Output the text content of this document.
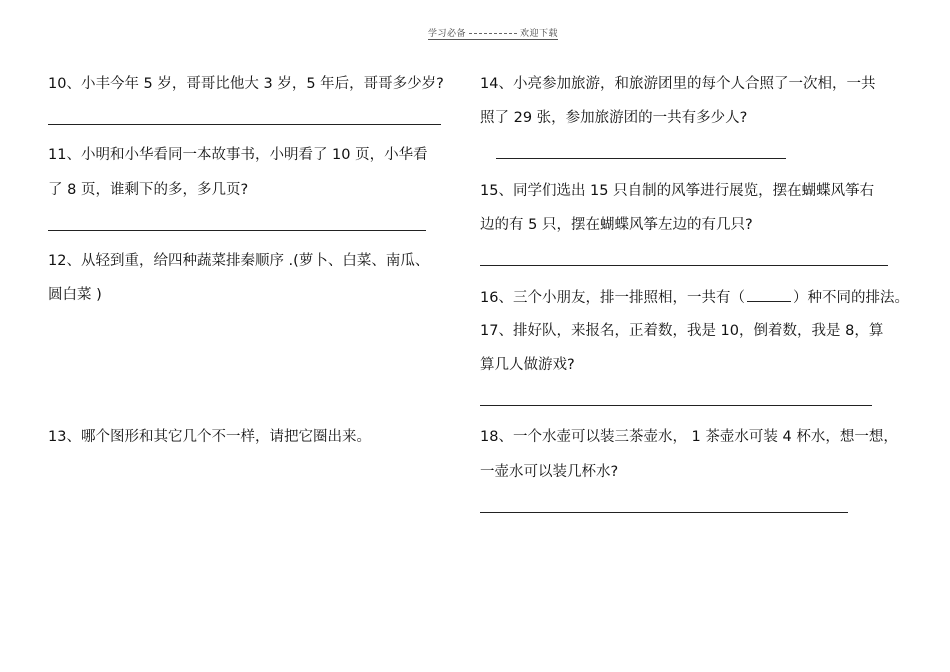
学习必备	欢迎下载
10、小丰今年 5 岁，哥哥比他大 3 岁，5 年后，哥哥多少岁?
11、小明和小华看同一本故事书，小明看了 10 页，小华看
了 8 页，谁剩下的多，多几页?
12、从轻到重，给四种蔬菜排秦顺序 .(萝卜、白菜、南瓜、
圆白菜 )
13、哪个图形和其它几个不一样，请把它圈出来。
14、小亮参加旅游，和旅游团里的每个人合照了一次相，一共
照了 29 张，参加旅游团的一共有多少人?
15、同学们选出 15 只自制的风筝进行展览，摆在蝴蝶风筝右
边的有 5 只，摆在蝴蝶风筝左边的有几只?
16、三个小朋友，排一排照相，一共有（	）种不同的排法。
17、排好队，来报名，正着数，我是 10，倒着数，我是 8，算
算几人做游戏?
18、一个水壶可以装三茶壶水， 1 茶壶水可装 4 杯水，想一想，
一壶水可以装几杯水?
